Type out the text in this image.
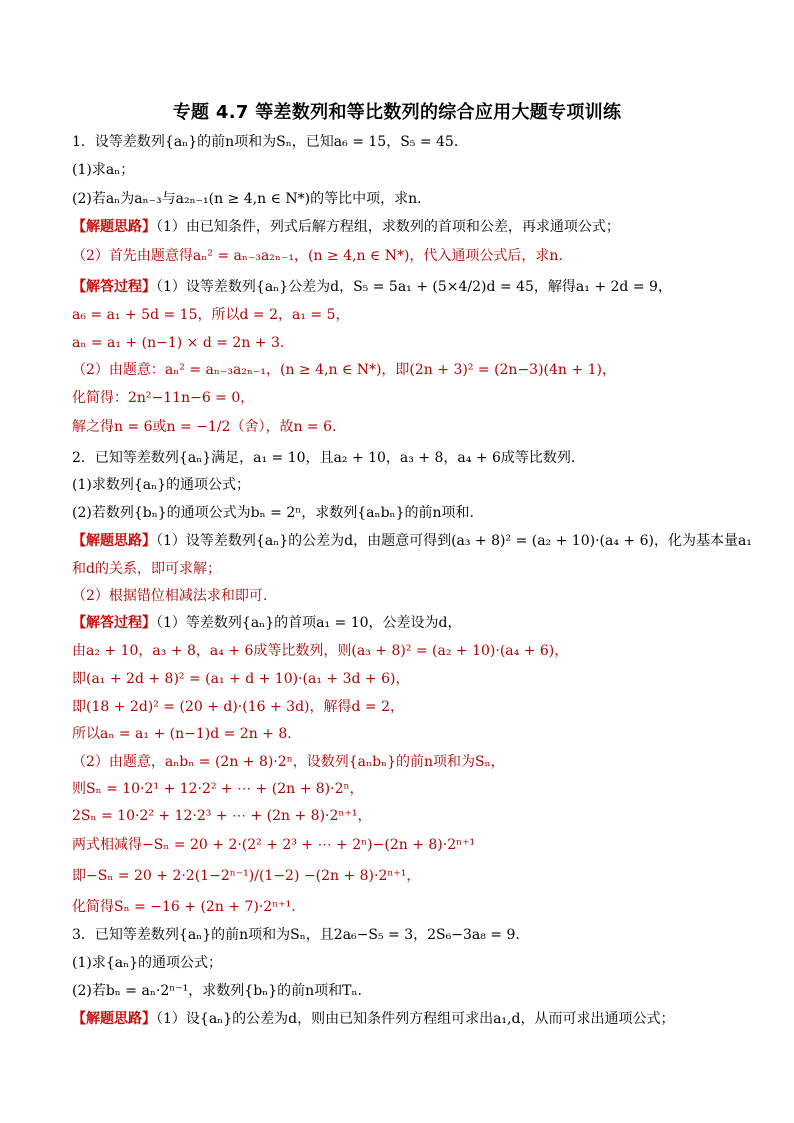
专题 4.7 等差数列和等比数列的综合应用大题专项训练
1．设等差数列{aₙ}的前n项和为Sₙ，已知a₆ = 15，S₅ = 45.
(1)求aₙ；
(2)若aₙ为aₙ₋₃与a₂ₙ₋₁(n ≥ 4,n ∈ N*)的等比中项，求n.
【解题思路】（1）由已知条件，列式后解方程组，求数列的首项和公差，再求通项公式；
（2）首先由题意得aₙ² = aₙ₋₃a₂ₙ₋₁，(n ≥ 4,n ∈ N*)，代入通项公式后，求n.
【解答过程】（1）设等差数列{aₙ}公差为d，S₅ = 5a₁ + (5×4/2)d = 45，解得a₁ + 2d = 9，
a₆ = a₁ + 5d = 15，所以d = 2，a₁ = 5，
aₙ = a₁ + (n−1) × d = 2n + 3.
（2）由题意：aₙ² = aₙ₋₃a₂ₙ₋₁，(n ≥ 4,n ∈ N*)，即(2n + 3)² = (2n−3)(4n + 1)，
化简得：2n²−11n−6 = 0，
解之得n = 6或n = −1/2（舍），故n = 6.
2．已知等差数列{aₙ}满足，a₁ = 10，且a₂ + 10，a₃ + 8，a₄ + 6成等比数列.
(1)求数列{aₙ}的通项公式；
(2)若数列{bₙ}的通项公式为bₙ = 2ⁿ，求数列{aₙbₙ}的前n项和.
【解题思路】（1）设等差数列{aₙ}的公差为d，由题意可得到(a₃ + 8)² = (a₂ + 10)·(a₄ + 6)，化为基本量a₁
和d的关系，即可求解；
（2）根据错位相减法求和即可.
【解答过程】（1）等差数列{aₙ}的首项a₁ = 10，公差设为d，
由a₂ + 10，a₃ + 8，a₄ + 6成等比数列，则(a₃ + 8)² = (a₂ + 10)·(a₄ + 6)，
即(a₁ + 2d + 8)² = (a₁ + d + 10)·(a₁ + 3d + 6)，
即(18 + 2d)² = (20 + d)·(16 + 3d)，解得d = 2，
所以aₙ = a₁ + (n−1)d = 2n + 8.
（2）由题意，aₙbₙ = (2n + 8)·2ⁿ，设数列{aₙbₙ}的前n项和为Sₙ，
则Sₙ = 10·2¹ + 12·2² + ⋯ + (2n + 8)·2ⁿ，
2Sₙ = 10·2² + 12·2³ + ⋯ + (2n + 8)·2ⁿ⁺¹，
两式相减得−Sₙ = 20 + 2·(2² + 2³ + ⋯ + 2ⁿ)−(2n + 8)·2ⁿ⁺¹
即−Sₙ = 20 + 2·2(1−2ⁿ⁻¹)/(1−2) −(2n + 8)·2ⁿ⁺¹，
化简得Sₙ = −16 + (2n + 7)·2ⁿ⁺¹.
3．已知等差数列{aₙ}的前n项和为Sₙ，且2a₆−S₅ = 3，2S₆−3a₈ = 9.
(1)求{aₙ}的通项公式；
(2)若bₙ = aₙ·2ⁿ⁻¹，求数列{bₙ}的前n项和Tₙ.
【解题思路】（1）设{aₙ}的公差为d，则由已知条件列方程组可求出a₁,d，从而可求出通项公式；
